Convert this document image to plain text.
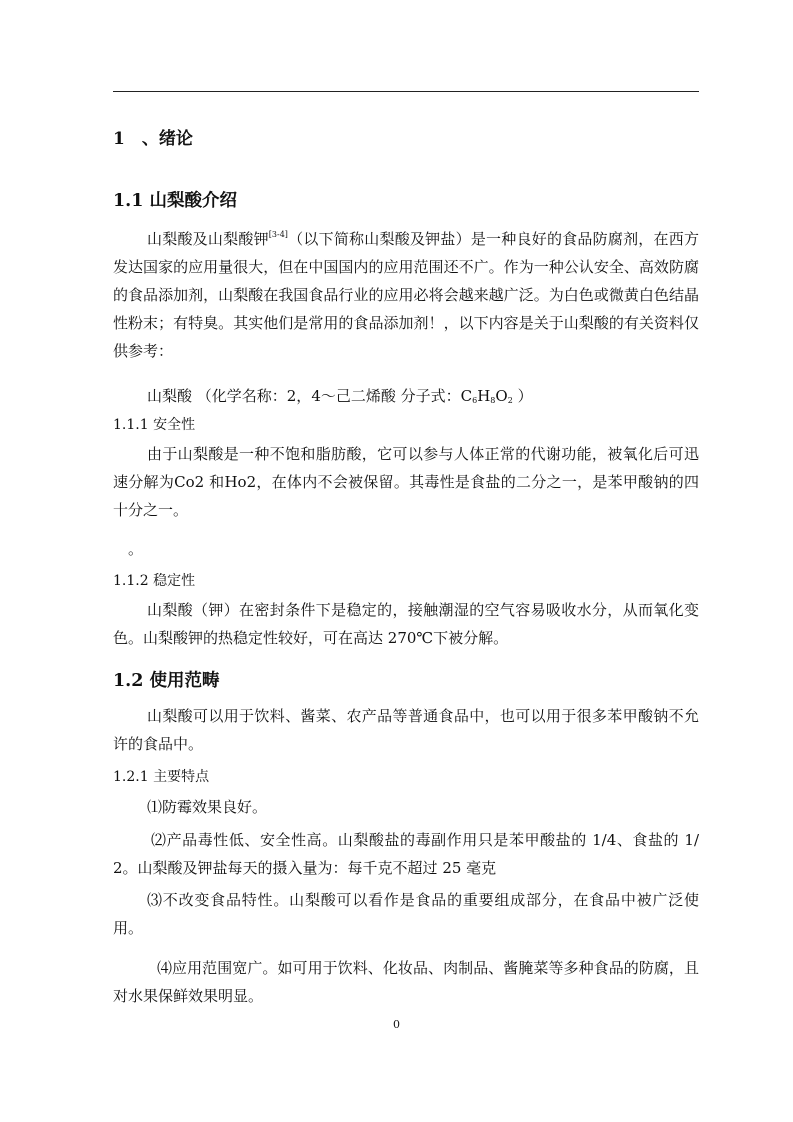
1　、绪论
1.1 山梨酸介绍
山梨酸及山梨酸钾[3-4]（以下简称山梨酸及钾盐）是一种良好的食品防腐剂，在西方发达国家的应用量很大，但在中国国内的应用范围还不广。作为一种公认安全、高效防腐的食品添加剂，山梨酸在我国食品行业的应用必将会越来越广泛。为白色或微黄白色结晶性粉末；有特臭。其实他们是常用的食品添加剂！，以下内容是关于山梨酸的有关资料仅供参考：
山梨酸 （化学名称：2，4～己二烯酸 分子式：$C_6H_8O_2$ ）
1.1.1 安全性
由于山梨酸是一种不饱和脂肪酸，它可以参与人体正常的代谢功能，被氧化后可迅速分解为Co2 和Ho2，在体内不会被保留。其毒性是食盐的二分之一，是苯甲酸钠的四十分之一。
。
1.1.2 稳定性
山梨酸（钾）在密封条件下是稳定的，接触潮湿的空气容易吸收水分，从而氧化变色。山梨酸钾的热稳定性较好，可在高达 270℃下被分解。
1.2 使用范畴
山梨酸可以用于饮料、酱菜、农产品等普通食品中，也可以用于很多苯甲酸钠不允许的食品中。
1.2.1 主要特点
⑴防霉效果良好。
⑵产品毒性低、安全性高。山梨酸盐的毒副作用只是苯甲酸盐的 1/4、食盐的 1/2。山梨酸及钾盐每天的摄入量为：每千克不超过 25 毫克
⑶不改变食品特性。山梨酸可以看作是食品的重要组成部分，在食品中被广泛使用。
⑷应用范围宽广。如可用于饮料、化妆品、肉制品、酱腌菜等多种食品的防腐，且对水果保鲜效果明显。
0
